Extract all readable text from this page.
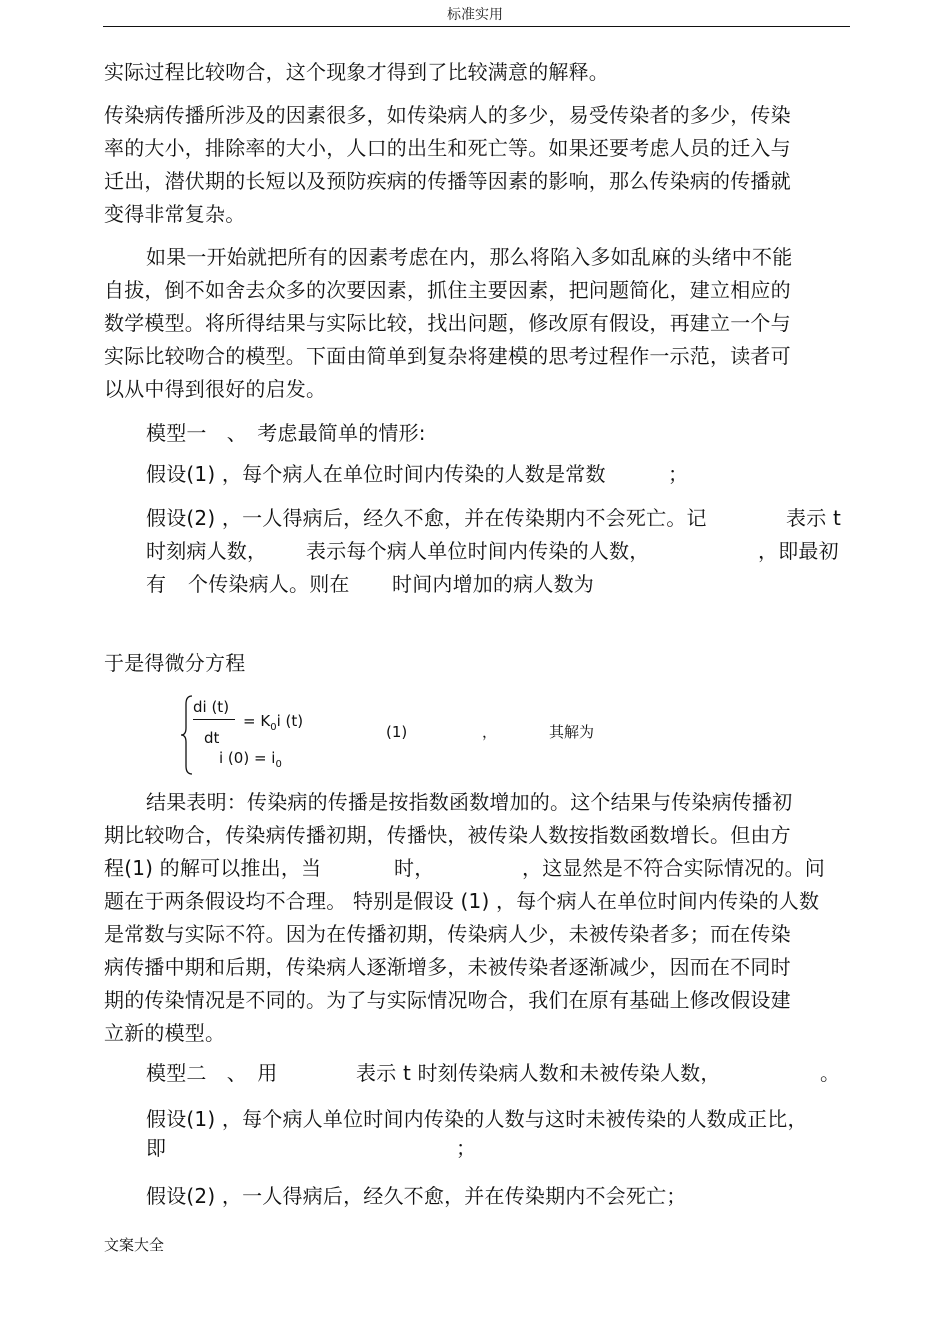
标准实用
实际过程比较吻合，这个现象才得到了比较满意的解释。
传染病传播所涉及的因素很多，如传染病人的多少，易受传染者的多少，传染
率的大小，排除率的大小，人口的出生和死亡等。如果还要考虑人员的迁入与
迁出，潜伏期的长短以及预防疾病的传播等因素的影响，那么传染病的传播就
变得非常复杂。
如果一开始就把所有的因素考虑在内，那么将陷入多如乱麻的头绪中不能
自拔，倒不如舍去众多的次要因素，抓住主要因素，把问题简化，建立相应的
数学模型。将所得结果与实际比较，找出问题，修改原有假设，再建立一个与
实际比较吻合的模型。下面由简单到复杂将建模的思考过程作一示范，读者可
以从中得到很好的启发。
模型一　、　考虑最简单的情形:
假设(1) ，每个病人在单位时间内传染的人数是常数	；
假设(2) ，一人得病后，经久不愈，并在传染期内不会死亡。记	表示 t
时刻病人数， 表示每个病人单位时间内传染的人数，	，即最初
有 个传染病人。则在 时间内增加的病人数为
于是得微分方程
di (t)
dt
= $K_0i$ (t)
i $(0) = i_0$
(1)	，	其解为
结果表明：传染病的传播是按指数函数增加的。这个结果与传染病传播初
期比较吻合，传染病传播初期，传播快，被传染人数按指数函数增长。但由方
程(1) 的解可以推出，当	时，	，这显然是不符合实际情况的。问
题在于两条假设均不合理。 特别是假设 (1) ，每个病人在单位时间内传染的人数
是常数与实际不符。因为在传播初期，传染病人少，未被传染者多；而在传染
病传播中期和后期，传染病人逐渐增多，未被传染者逐渐减少，因而在不同时
期的传染情况是不同的。为了与实际情况吻合，我们在原有基础上修改假设建
立新的模型。
模型二　、　用	表示 t 时刻传染病人数和未被传染人数，	。
假设(1) ，每个病人单位时间内传染的人数与这时未被传染的人数成正比，
即	；
假设(2) ，一人得病后，经久不愈，并在传染期内不会死亡；
文案大全
